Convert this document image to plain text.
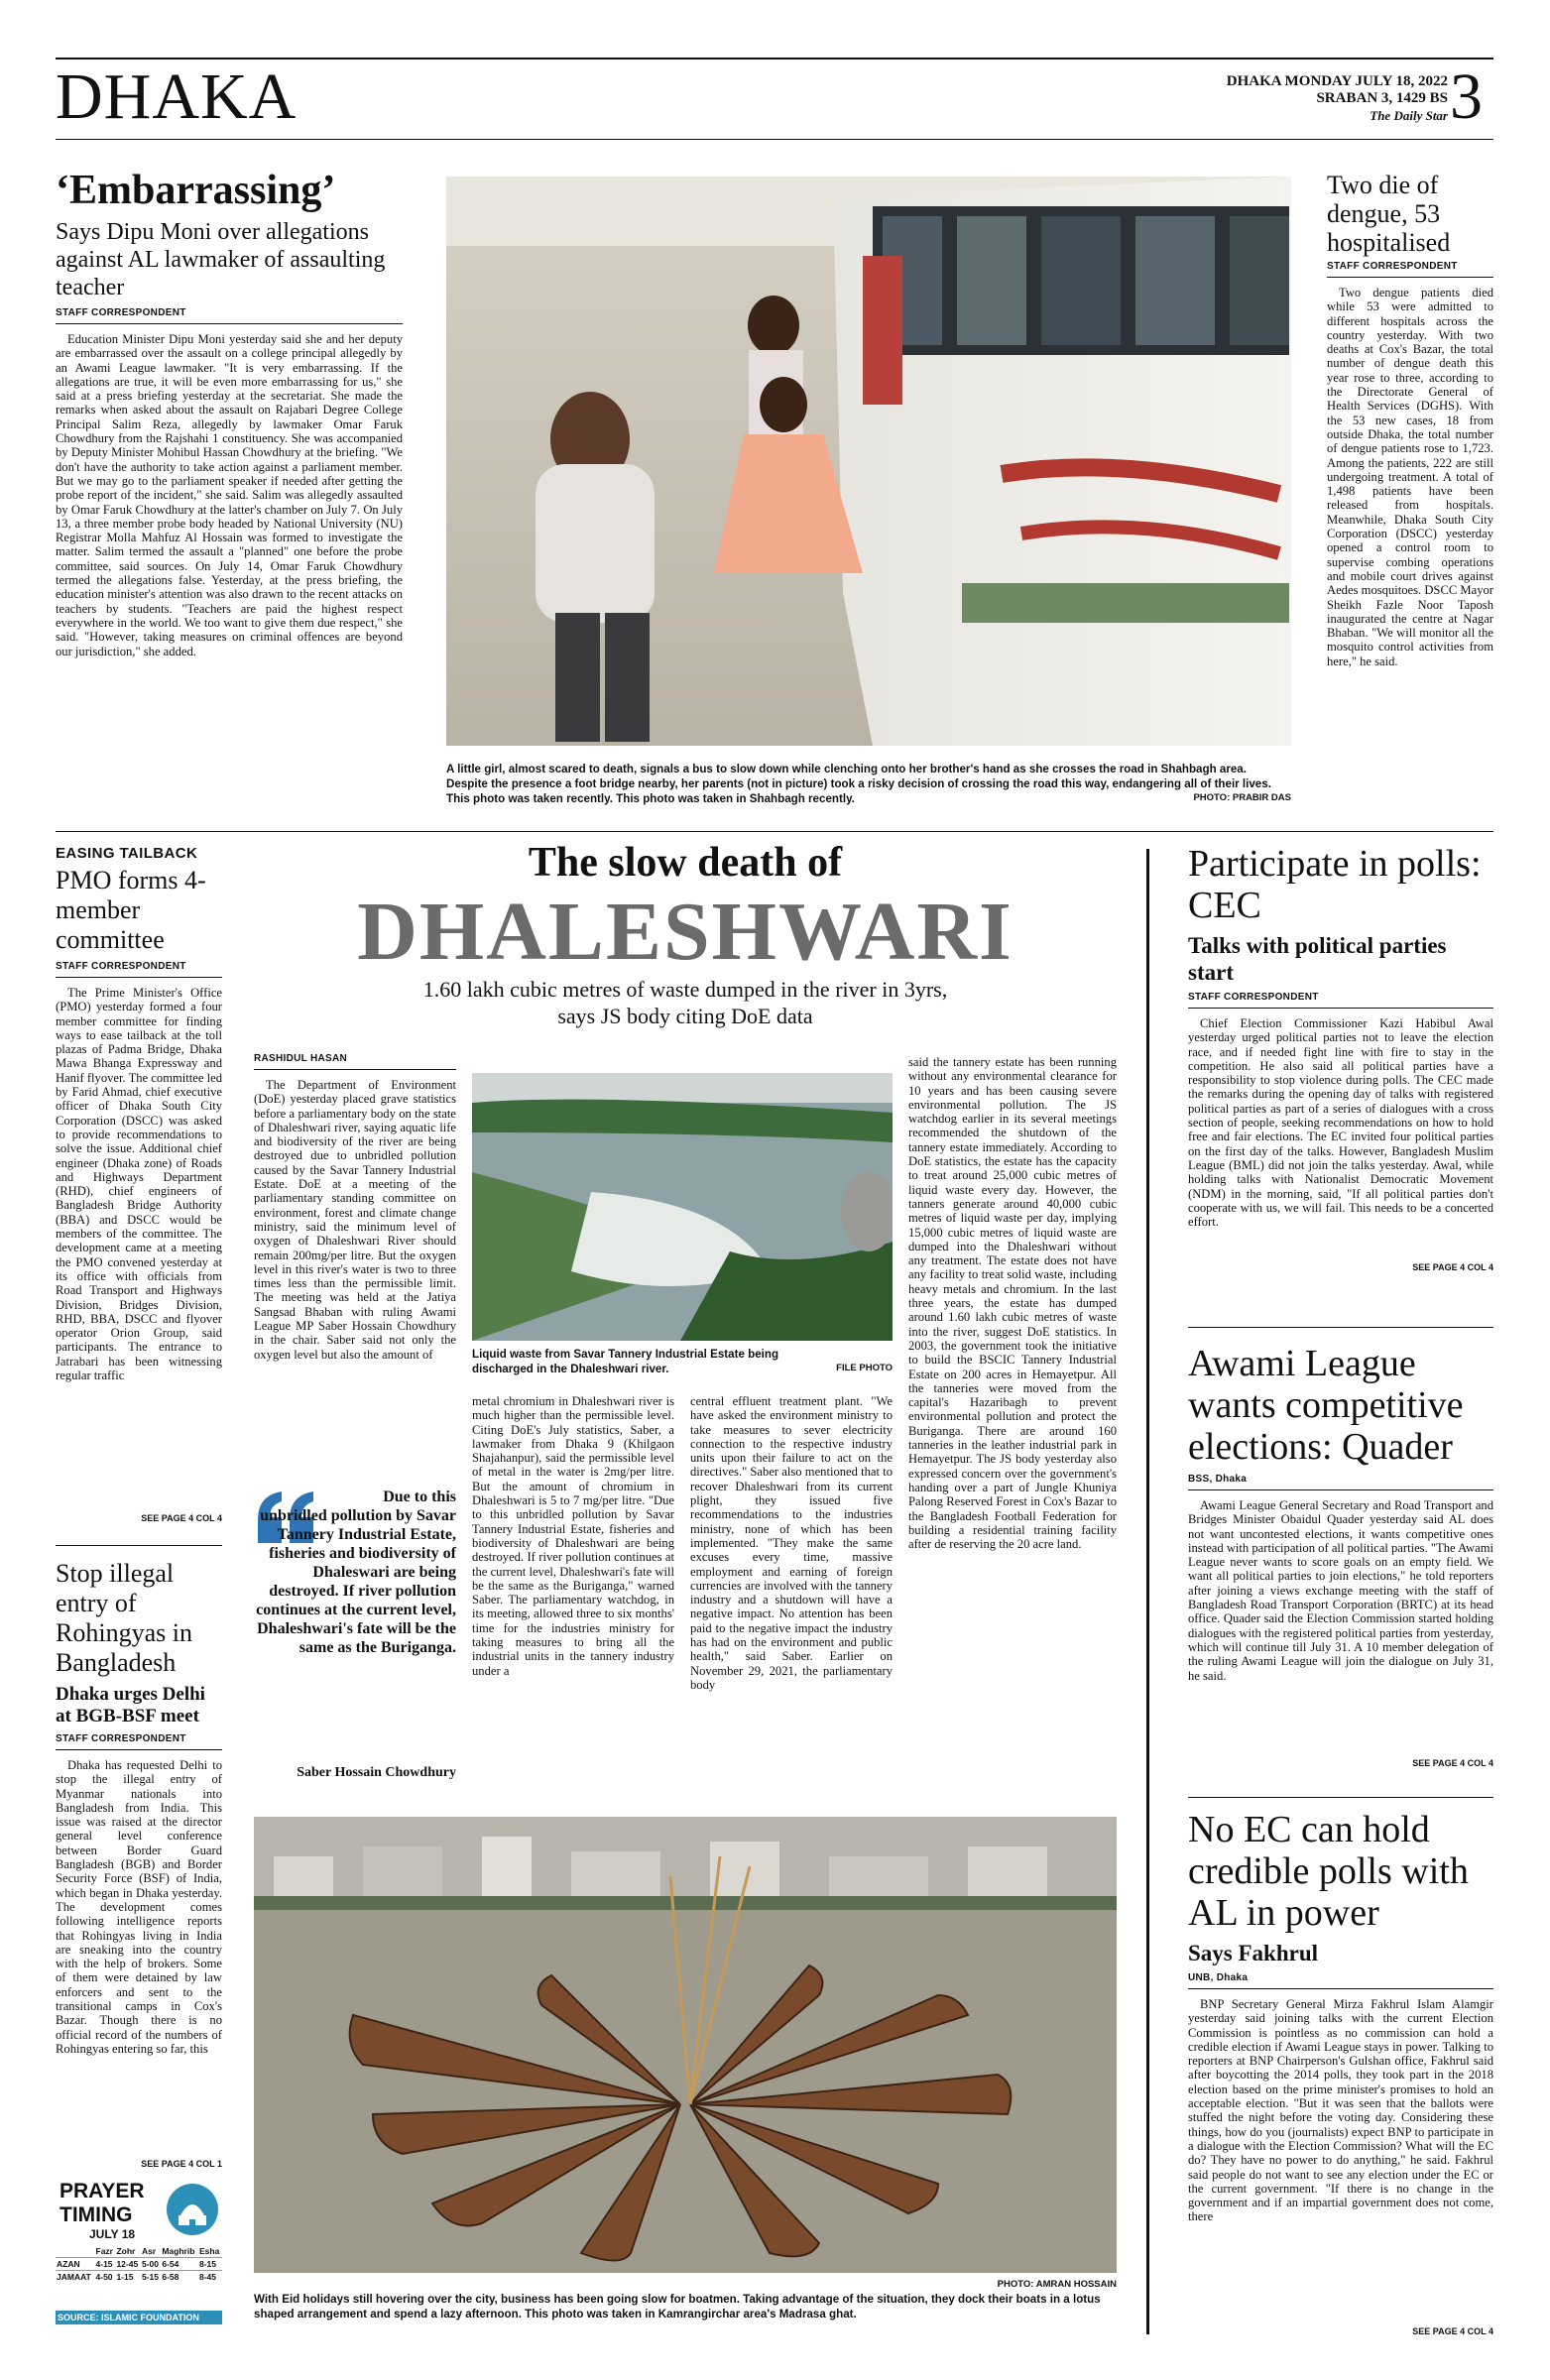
DHAKA	DHAKA MONDAY JULY 18, 2022
SRABAN 3, 1429 BS
The Daily Star 3
‘Embarrassing’
Says Dipu Moni over allegations against AL lawmaker of assaulting teacher
STAFF CORRESPONDENT
Education Minister Dipu Moni yesterday said she and her deputy are embarrassed over the assault on a college principal allegedly by an Awami League lawmaker. "It is very embarrassing. If the allegations are true, it will be even more embarrassing for us," she said at a press briefing yesterday at the secretariat. She made the remarks when asked about the assault on Rajabari Degree College Principal Salim Reza, allegedly by lawmaker Omar Faruk Chowdhury from the Rajshahi 1 constituency. She was accompanied by Deputy Minister Mohibul Hassan Chowdhury at the briefing. "We don't have the authority to take action against a parliament member. But we may go to the parliament speaker if needed after getting the probe report of the incident," she said. Salim was allegedly assaulted by Omar Faruk Chowdhury at the latter's chamber on July 7. On July 13, a three member probe body headed by National University (NU) Registrar Molla Mahfuz Al Hossain was formed to investigate the matter. Salim termed the assault a "planned" one before the probe committee, said sources. On July 14, Omar Faruk Chowdhury termed the allegations false. Yesterday, at the press briefing, the education minister's attention was also drawn to the recent attacks on teachers by students. "Teachers are paid the highest respect everywhere in the world. We too want to give them due respect," she said. "However, taking measures on criminal offences are beyond our jurisdiction," she added.
A little girl, almost scared to death, signals a bus to slow down while clenching onto her brother's hand as she crosses the road in Shahbagh area. Despite the presence a foot bridge nearby, her parents (not in picture) took a risky decision of crossing the road this way, endangering all of their lives. This photo was taken recently. This photo was taken in Shahbagh recently.	PHOTO: PRABIR DAS
Two die of dengue, 53 hospitalised
STAFF CORRESPONDENT
Two dengue patients died while 53 were admitted to different hospitals across the country yesterday. With two deaths at Cox's Bazar, the total number of dengue death this year rose to three, according to the Directorate General of Health Services (DGHS). With the 53 new cases, 18 from outside Dhaka, the total number of dengue patients rose to 1,723. Among the patients, 222 are still undergoing treatment. A total of 1,498 patients have been released from hospitals. Meanwhile, Dhaka South City Corporation (DSCC) yesterday opened a control room to supervise combing operations and mobile court drives against Aedes mosquitoes. DSCC Mayor Sheikh Fazle Noor Taposh inaugurated the centre at Nagar Bhaban. "We will monitor all the mosquito control activities from here," he said.
EASING TAILBACK
PMO forms 4-member committee
STAFF CORRESPONDENT
The Prime Minister's Office (PMO) yesterday formed a four member committee for finding ways to ease tailback at the toll plazas of Padma Bridge, Dhaka Mawa Bhanga Expressway and Hanif flyover. The committee led by Farid Ahmad, chief executive officer of Dhaka South City Corporation (DSCC) was asked to provide recommendations to solve the issue. Additional chief engineer (Dhaka zone) of Roads and Highways Department (RHD), chief engineers of Bangladesh Bridge Authority (BBA) and DSCC would be members of the committee. The development came at a meeting the PMO convened yesterday at its office with officials from Road Transport and Highways Division, Bridges Division, RHD, BBA, DSCC and flyover operator Orion Group, said participants. The entrance to Jatrabari has been witnessing regular traffic
SEE PAGE 4 COL 4
Stop illegal entry of Rohingyas in Bangladesh
Dhaka urges Delhi at BGB-BSF meet
STAFF CORRESPONDENT
Dhaka has requested Delhi to stop the illegal entry of Myanmar nationals into Bangladesh from India. This issue was raised at the director general level conference between Border Guard Bangladesh (BGB) and Border Security Force (BSF) of India, which began in Dhaka yesterday. The development comes following intelligence reports that Rohingyas living in India are sneaking into the country with the help of brokers. Some of them were detained by law enforcers and sent to the transitional camps in Cox's Bazar. Though there is no official record of the numbers of Rohingyas entering so far, this
SEE PAGE 4 COL 1
PRAYER
TIMING
JULY 18
	Fazr	Zohr	Asr	Maghrib	Esha
AZAN	4-15	12-45	5-00	6-54	8-15
JAMAAT	4-50	1-15	5-15	6-58	8-45
SOURCE: ISLAMIC FOUNDATION
The slow death of
DHALESHWARI
1.60 lakh cubic metres of waste dumped in the river in 3yrs, says JS body citing DoE data
RASHIDUL HASAN
The Department of Environment (DoE) yesterday placed grave statistics before a parliamentary body on the state of Dhaleshwari river, saying aquatic life and biodiversity of the river are being destroyed due to unbridled pollution caused by the Savar Tannery Industrial Estate. DoE at a meeting of the parliamentary standing committee on environment, forest and climate change ministry, said the minimum level of oxygen of Dhaleshwari River should remain 200mg/per litre. But the oxygen level in this river's water is two to three times less than the permissible limit. The meeting was held at the Jatiya Sangsad Bhaban with ruling Awami League MP Saber Hossain Chowdhury in the chair. Saber said not only the oxygen level but also the amount of
Due to this unbridled pollution by Savar Tannery Industrial Estate, fisheries and biodiversity of Dhaleswari are being destroyed. If river pollution continues at the current level, Dhaleshwari's fate will be the same as the Buriganga.
Saber Hossain Chowdhury
Liquid waste from Savar Tannery Industrial Estate being discharged in the Dhaleshwari river.	FILE PHOTO
metal chromium in Dhaleshwari river is much higher than the permissible level. Citing DoE's July statistics, Saber, a lawmaker from Dhaka 9 (Khilgaon Shajahanpur), said the permissible level of metal in the water is 2mg/per litre. But the amount of chromium in Dhaleshwari is 5 to 7 mg/per litre. "Due to this unbridled pollution by Savar Tannery Industrial Estate, fisheries and biodiversity of Dhaleshwari are being destroyed. If river pollution continues at the current level, Dhaleshwari's fate will be the same as the Buriganga," warned Saber. The parliamentary watchdog, in its meeting, allowed three to six months' time for the industries ministry for taking measures to bring all the industrial units in the tannery industry under a
central effluent treatment plant. "We have asked the environment ministry to take measures to sever electricity connection to the respective industry units upon their failure to act on the directives." Saber also mentioned that to recover Dhaleshwari from its current plight, they issued five recommendations to the industries ministry, none of which has been implemented. "They make the same excuses every time, massive employment and earning of foreign currencies are involved with the tannery industry and a shutdown will have a negative impact. No attention has been paid to the negative impact the industry has had on the environment and public health," said Saber. Earlier on November 29, 2021, the parliamentary body
said the tannery estate has been running without any environmental clearance for 10 years and has been causing severe environmental pollution. The JS watchdog earlier in its several meetings recommended the shutdown of the tannery estate immediately. According to DoE statistics, the estate has the capacity to treat around 25,000 cubic metres of liquid waste every day. However, the tanners generate around 40,000 cubic metres of liquid waste per day, implying 15,000 cubic metres of liquid waste are dumped into the Dhaleshwari without any treatment. The estate does not have any facility to treat solid waste, including heavy metals and chromium. In the last three years, the estate has dumped around 1.60 lakh cubic metres of waste into the river, suggest DoE statistics. In 2003, the government took the initiative to build the BSCIC Tannery Industrial Estate on 200 acres in Hemayetpur. All the tanneries were moved from the capital's Hazaribagh to prevent environmental pollution and protect the Buriganga. There are around 160 tanneries in the leather industrial park in Hemayetpur. The JS body yesterday also expressed concern over the government's handing over a part of Jungle Khuniya Palong Reserved Forest in Cox's Bazar to the Bangladesh Football Federation for building a residential training facility after de reserving the 20 acre land.
Participate in polls: CEC
Talks with political parties start
STAFF CORRESPONDENT
Chief Election Commissioner Kazi Habibul Awal yesterday urged political parties not to leave the election race, and if needed fight line with fire to stay in the competition. He also said all political parties have a responsibility to stop violence during polls. The CEC made the remarks during the opening day of talks with registered political parties as part of a series of dialogues with a cross section of people, seeking recommendations on how to hold free and fair elections. The EC invited four political parties on the first day of the talks. However, Bangladesh Muslim League (BML) did not join the talks yesterday. Awal, while holding talks with Nationalist Democratic Movement (NDM) in the morning, said, "If all political parties don't cooperate with us, we will fail. This needs to be a concerted effort.
SEE PAGE 4 COL 4
Awami League wants competitive elections: Quader
BSS, Dhaka
Awami League General Secretary and Road Transport and Bridges Minister Obaidul Quader yesterday said AL does not want uncontested elections, it wants competitive ones instead with participation of all political parties. "The Awami League never wants to score goals on an empty field. We want all political parties to join elections," he told reporters after joining a views exchange meeting with the staff of Bangladesh Road Transport Corporation (BRTC) at its head office. Quader said the Election Commission started holding dialogues with the registered political parties from yesterday, which will continue till July 31. A 10 member delegation of the ruling Awami League will join the dialogue on July 31, he said.
SEE PAGE 4 COL 4
No EC can hold credible polls with AL in power
Says Fakhrul
UNB, Dhaka
BNP Secretary General Mirza Fakhrul Islam Alamgir yesterday said joining talks with the current Election Commission is pointless as no commission can hold a credible election if Awami League stays in power. Talking to reporters at BNP Chairperson's Gulshan office, Fakhrul said after boycotting the 2014 polls, they took part in the 2018 election based on the prime minister's promises to hold an acceptable election. "But it was seen that the ballots were stuffed the night before the voting day. Considering these things, how do you (journalists) expect BNP to participate in a dialogue with the Election Commission? What will the EC do? They have no power to do anything," he said. Fakhrul said people do not want to see any election under the EC or the current government. "If there is no change in the government and if an impartial government does not come, there
SEE PAGE 4 COL 4
PHOTO: AMRAN HOSSAIN
With Eid holidays still hovering over the city, business has been going slow for boatmen. Taking advantage of the situation, they dock their boats in a lotus shaped arrangement and spend a lazy afternoon. This photo was taken in Kamrangirchar area's Madrasa ghat.
